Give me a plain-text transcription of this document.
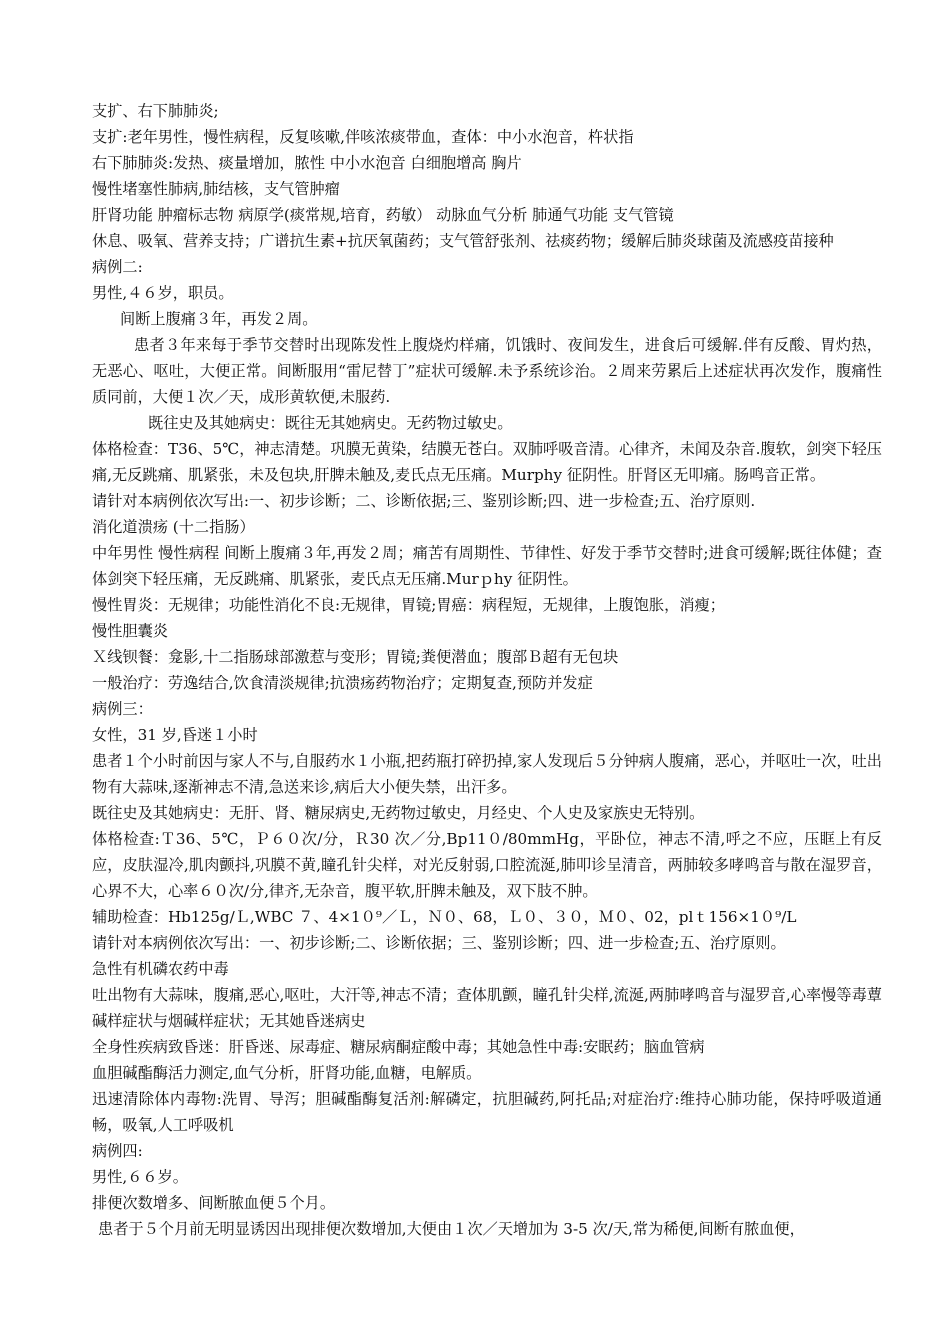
支扩、右下肺肺炎;

支扩:老年男性，慢性病程，反复咳嗽,伴咳浓痰带血，查体：中小水泡音，杵状指

右下肺肺炎:发热、痰量增加，脓性 中小水泡音 白细胞增高 胸片

慢性堵塞性肺病,肺结核，支气管肿瘤

肝肾功能 肿瘤标志物 病原学(痰常规,培育，药敏） 动脉血气分析 肺通气功能 支气管镜

休息、吸氧、营养支持；广谱抗生素+抗厌氧菌药；支气管舒张剂、祛痰药物；缓解后肺炎球菌及流感疫苗接种

病例二:

男性,４６岁，职员。

间断上腹痛３年，再发２周。

患者３年来每于季节交替时出现陈发性上腹烧灼样痛，饥饿时、夜间发生，进食后可缓解.伴有反酸、胃灼热，无恶心、呕吐，大便正常。间断服用“雷尼替丁”症状可缓解.未予系统诊治。２周来劳累后上述症状再次发作，腹痛性质同前，大便１次／天，成形黄软便,未服药.

既往史及其她病史：既往无其她病史。无药物过敏史。

体格检查：T36、5℃，神志清楚。巩膜无黄染，结膜无苍白。双肺呼吸音清。心律齐，未闻及杂音.腹软，剑突下轻压痛,无反跳痛、肌紧张，未及包块,肝脾未触及,麦氏点无压痛。Murphy 征阴性。肝肾区无叩痛。肠鸣音正常。

请针对本病例依次写出:一、初步诊断；二、诊断依据;三、鉴别诊断;四、进一步检查;五、治疗原则.

消化道溃疡 (十二指肠）

中年男性 慢性病程 间断上腹痛３年,再发２周；痛苦有周期性、节律性、好发于季节交替时;进食可缓解;既往体健；查体剑突下轻压痛，无反跳痛、肌紧张，麦氏点无压痛.Murｐhy 征阴性。

慢性胃炎：无规律；功能性消化不良:无规律，胃镜;胃癌：病程短，无规律，上腹饱胀，消瘦；

慢性胆囊炎

Ｘ线钡餐：龛影,十二指肠球部激惹与变形；胃镜;粪便潜血；腹部Ｂ超有无包块

一般治疗：劳逸结合,饮食清淡规律;抗溃疡药物治疗；定期复查,预防并发症

病例三：

女性，31 岁,昏迷１小时

患者１个小时前因与家人不与,自服药水１小瓶,把药瓶打碎扔掉,家人发现后５分钟病人腹痛，恶心，并呕吐一次，吐出物有大蒜味,逐渐神志不清,急送来诊,病后大小便失禁，出汗多。

既往史及其她病史：无肝、肾、糖尿病史,无药物过敏史，月经史、个人史及家族史无特别。

体格检查:Ｔ36、5℃，Ｐ６０次/分，Ｒ30 次／分,Bp11０/80mmHg，平卧位，神志不清,呼之不应，压眶上有反应，皮肤湿冷,肌肉颤抖,巩膜不黄,瞳孔针尖样，对光反射弱,口腔流涎,肺叩诊呈清音，两肺较多哮鸣音与散在湿罗音，心界不大，心率６０次/分,律齐,无杂音，腹平软,肝脾未触及，双下肢不肿。

辅助检查：Hb125g/Ｌ,WBC ７、4×1０⁹／Ｌ，Ｎ０、68，Ｌ０、３０，Ｍ０、02，plｔ156×1０⁹/L

请针对本病例依次写出：一、初步诊断;二、诊断依据；三、鉴别诊断；四、进一步检查;五、治疗原则。

急性有机磷农药中毒

吐出物有大蒜味，腹痛,恶心,呕吐，大汗等,神志不清；查体肌颤，瞳孔针尖样,流涎,两肺哮鸣音与湿罗音,心率慢等毒蕈碱样症状与烟碱样症状；无其她昏迷病史

全身性疾病致昏迷：肝昏迷、尿毒症、糖尿病酮症酸中毒；其她急性中毒:安眠药；脑血管病

血胆碱酯酶活力测定,血气分析，肝肾功能,血糖，电解质。

迅速清除体内毒物:洗胃、导泻；胆碱酯酶复活剂:解磷定，抗胆碱药,阿托品;对症治疗:维持心肺功能，保持呼吸道通畅，吸氧,人工呼吸机

病例四:

男性,６６岁。

排便次数增多、间断脓血便５个月。

患者于５个月前无明显诱因出现排便次数增加,大便由１次／天增加为 3-5 次/天,常为稀便,间断有脓血便，
